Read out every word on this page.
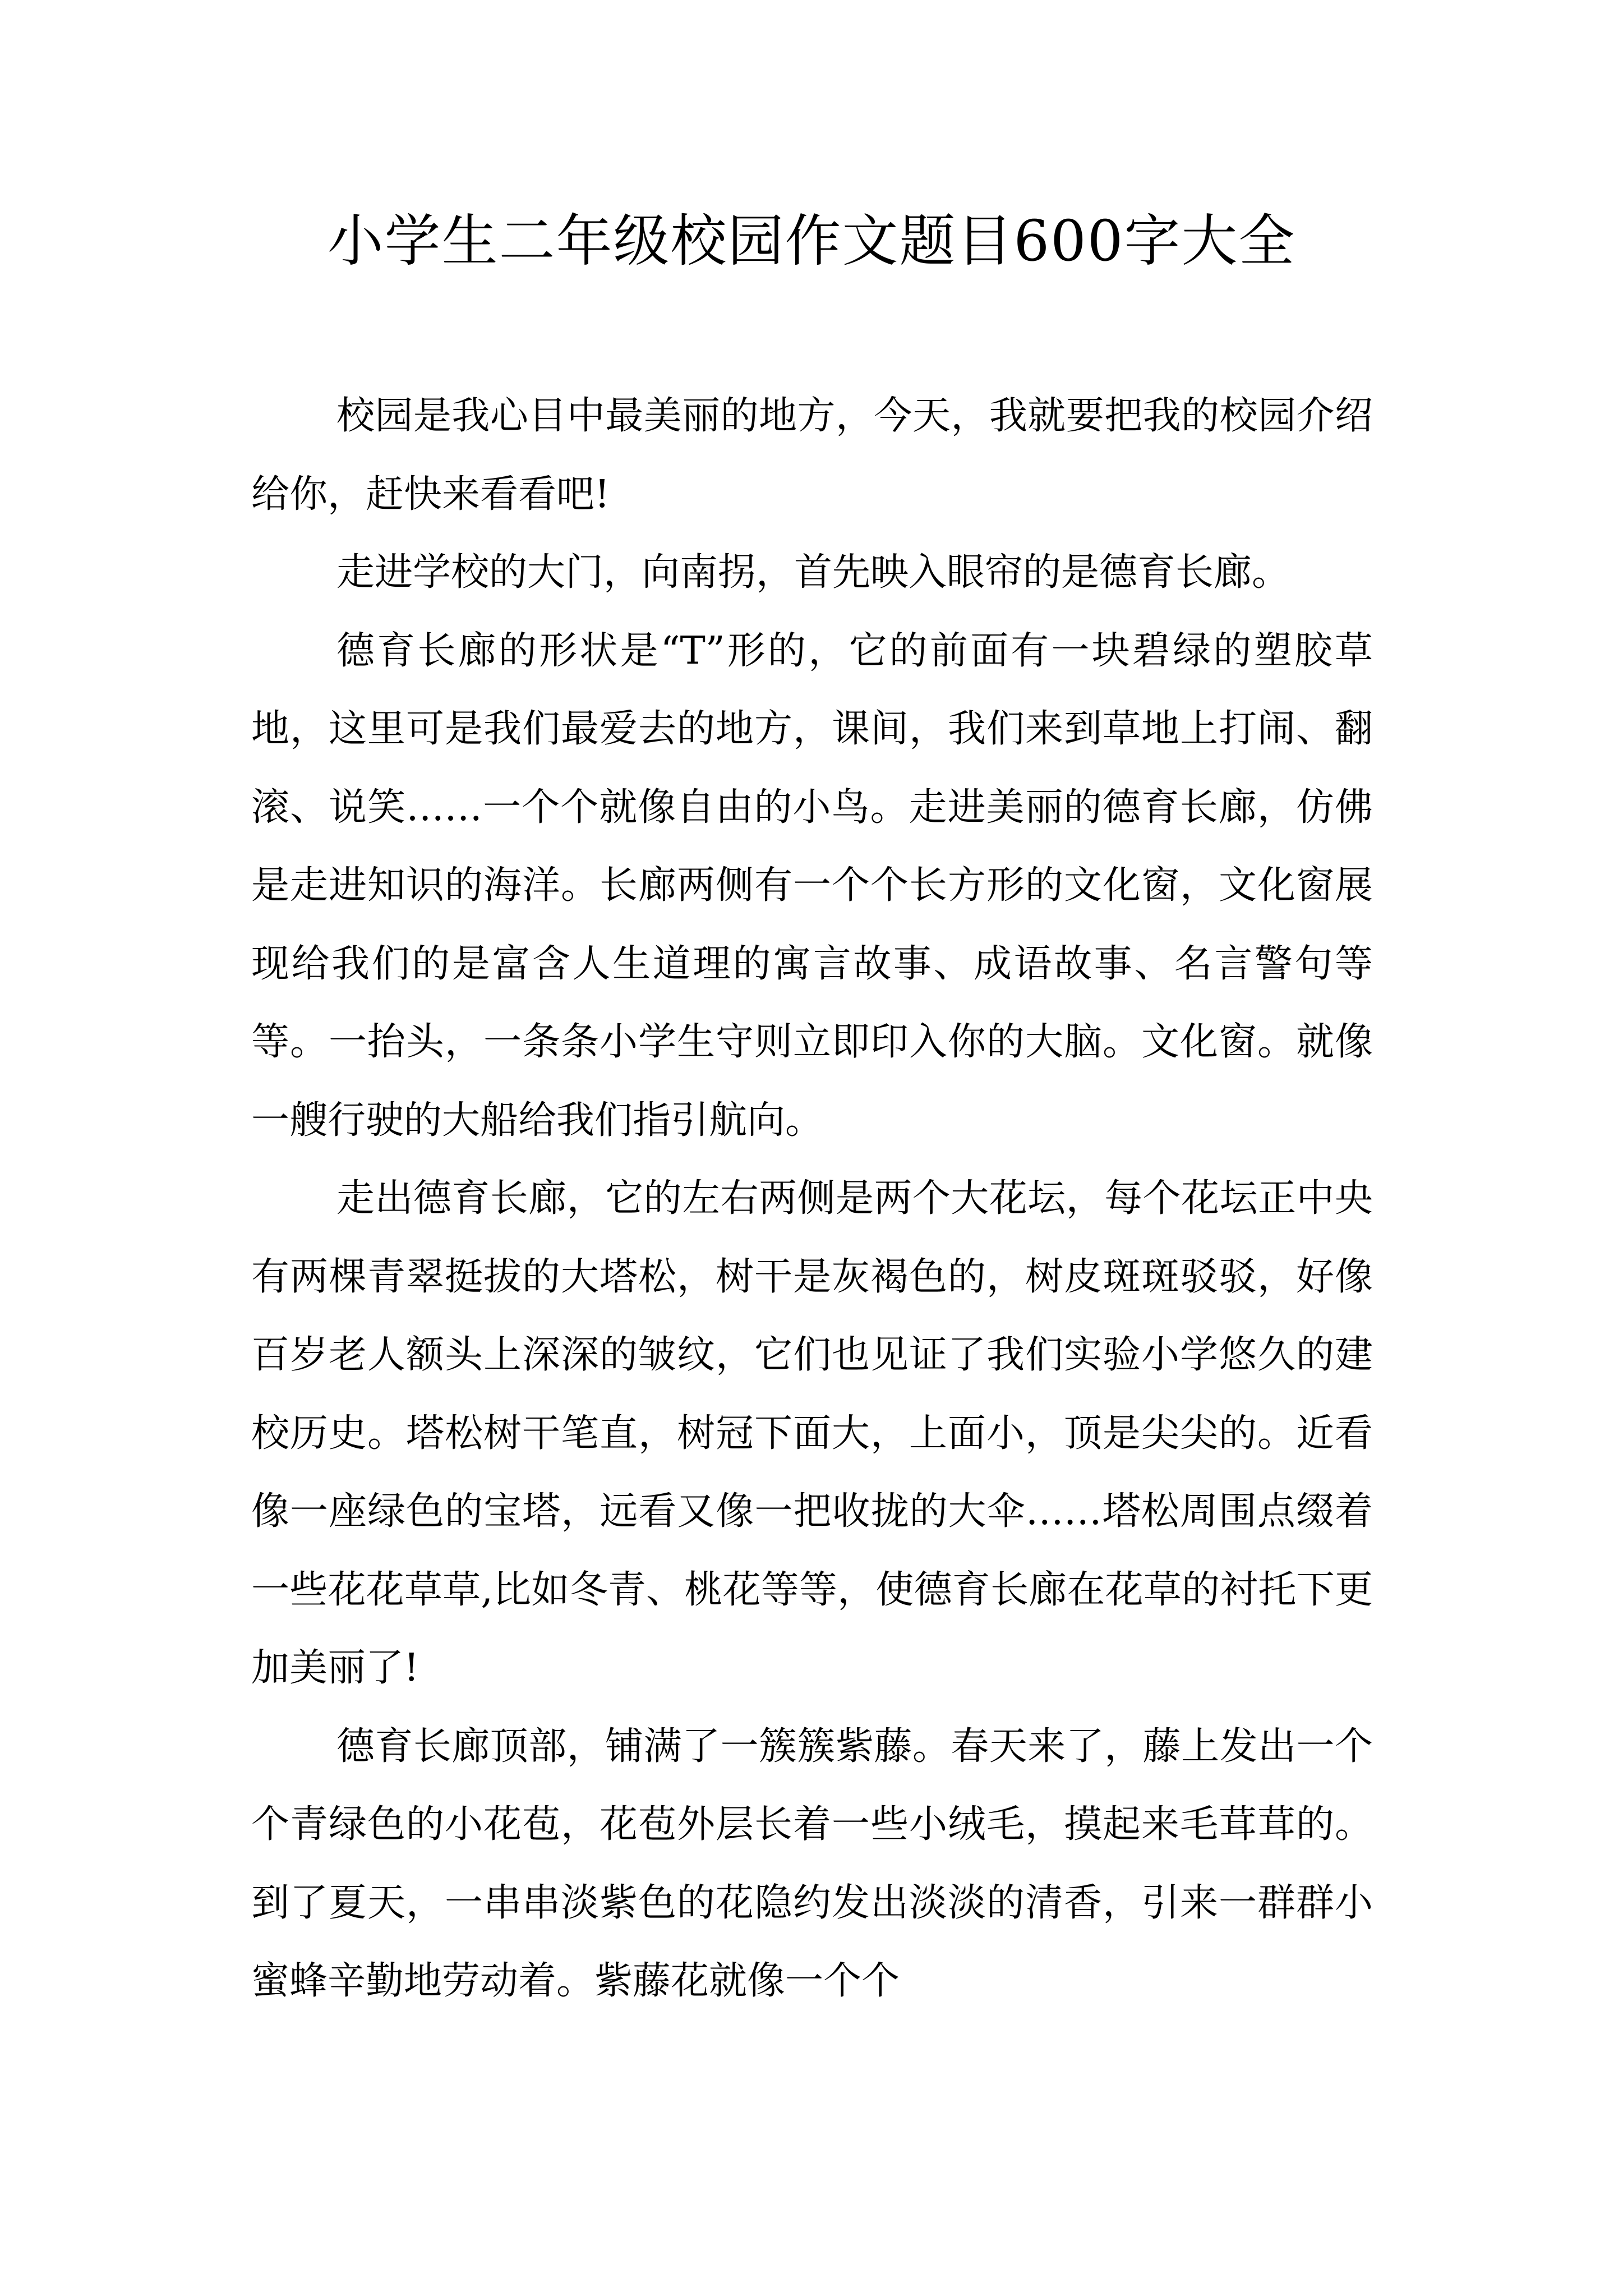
小学生二年级校园作文题目600字大全

校园是我心目中最美丽的地方，今天，我就要把我的校园介绍给你，赶快来看看吧!

走进学校的大门，向南拐，首先映入眼帘的是德育长廊。

德育长廊的形状是“T”形的，它的前面有一块碧绿的塑胶草地，这里可是我们最爱去的地方，课间，我们来到草地上打闹、翻滚、说笑……一个个就像自由的小鸟。走进美丽的德育长廊，仿佛是走进知识的海洋。长廊两侧有一个个长方形的文化窗，文化窗展现给我们的是富含人生道理的寓言故事、成语故事、名言警句等等。一抬头，一条条小学生守则立即印入你的大脑。文化窗。就像一艘行驶的大船给我们指引航向。

走出德育长廊，它的左右两侧是两个大花坛，每个花坛正中央有两棵青翠挺拔的大塔松，树干是灰褐色的，树皮斑斑驳驳，好像百岁老人额头上深深的皱纹，它们也见证了我们实验小学悠久的建校历史。塔松树干笔直，树冠下面大，上面小，顶是尖尖的。近看像一座绿色的宝塔，远看又像一把收拢的大伞……塔松周围点缀着一些花花草草,比如冬青、桃花等等，使德育长廊在花草的衬托下更加美丽了!

德育长廊顶部，铺满了一簇簇紫藤。春天来了，藤上发出一个个青绿色的小花苞，花苞外层长着一些小绒毛，摸起来毛茸茸的。到了夏天，一串串淡紫色的花隐约发出淡淡的清香，引来一群群小蜜蜂辛勤地劳动着。紫藤花就像一个个
